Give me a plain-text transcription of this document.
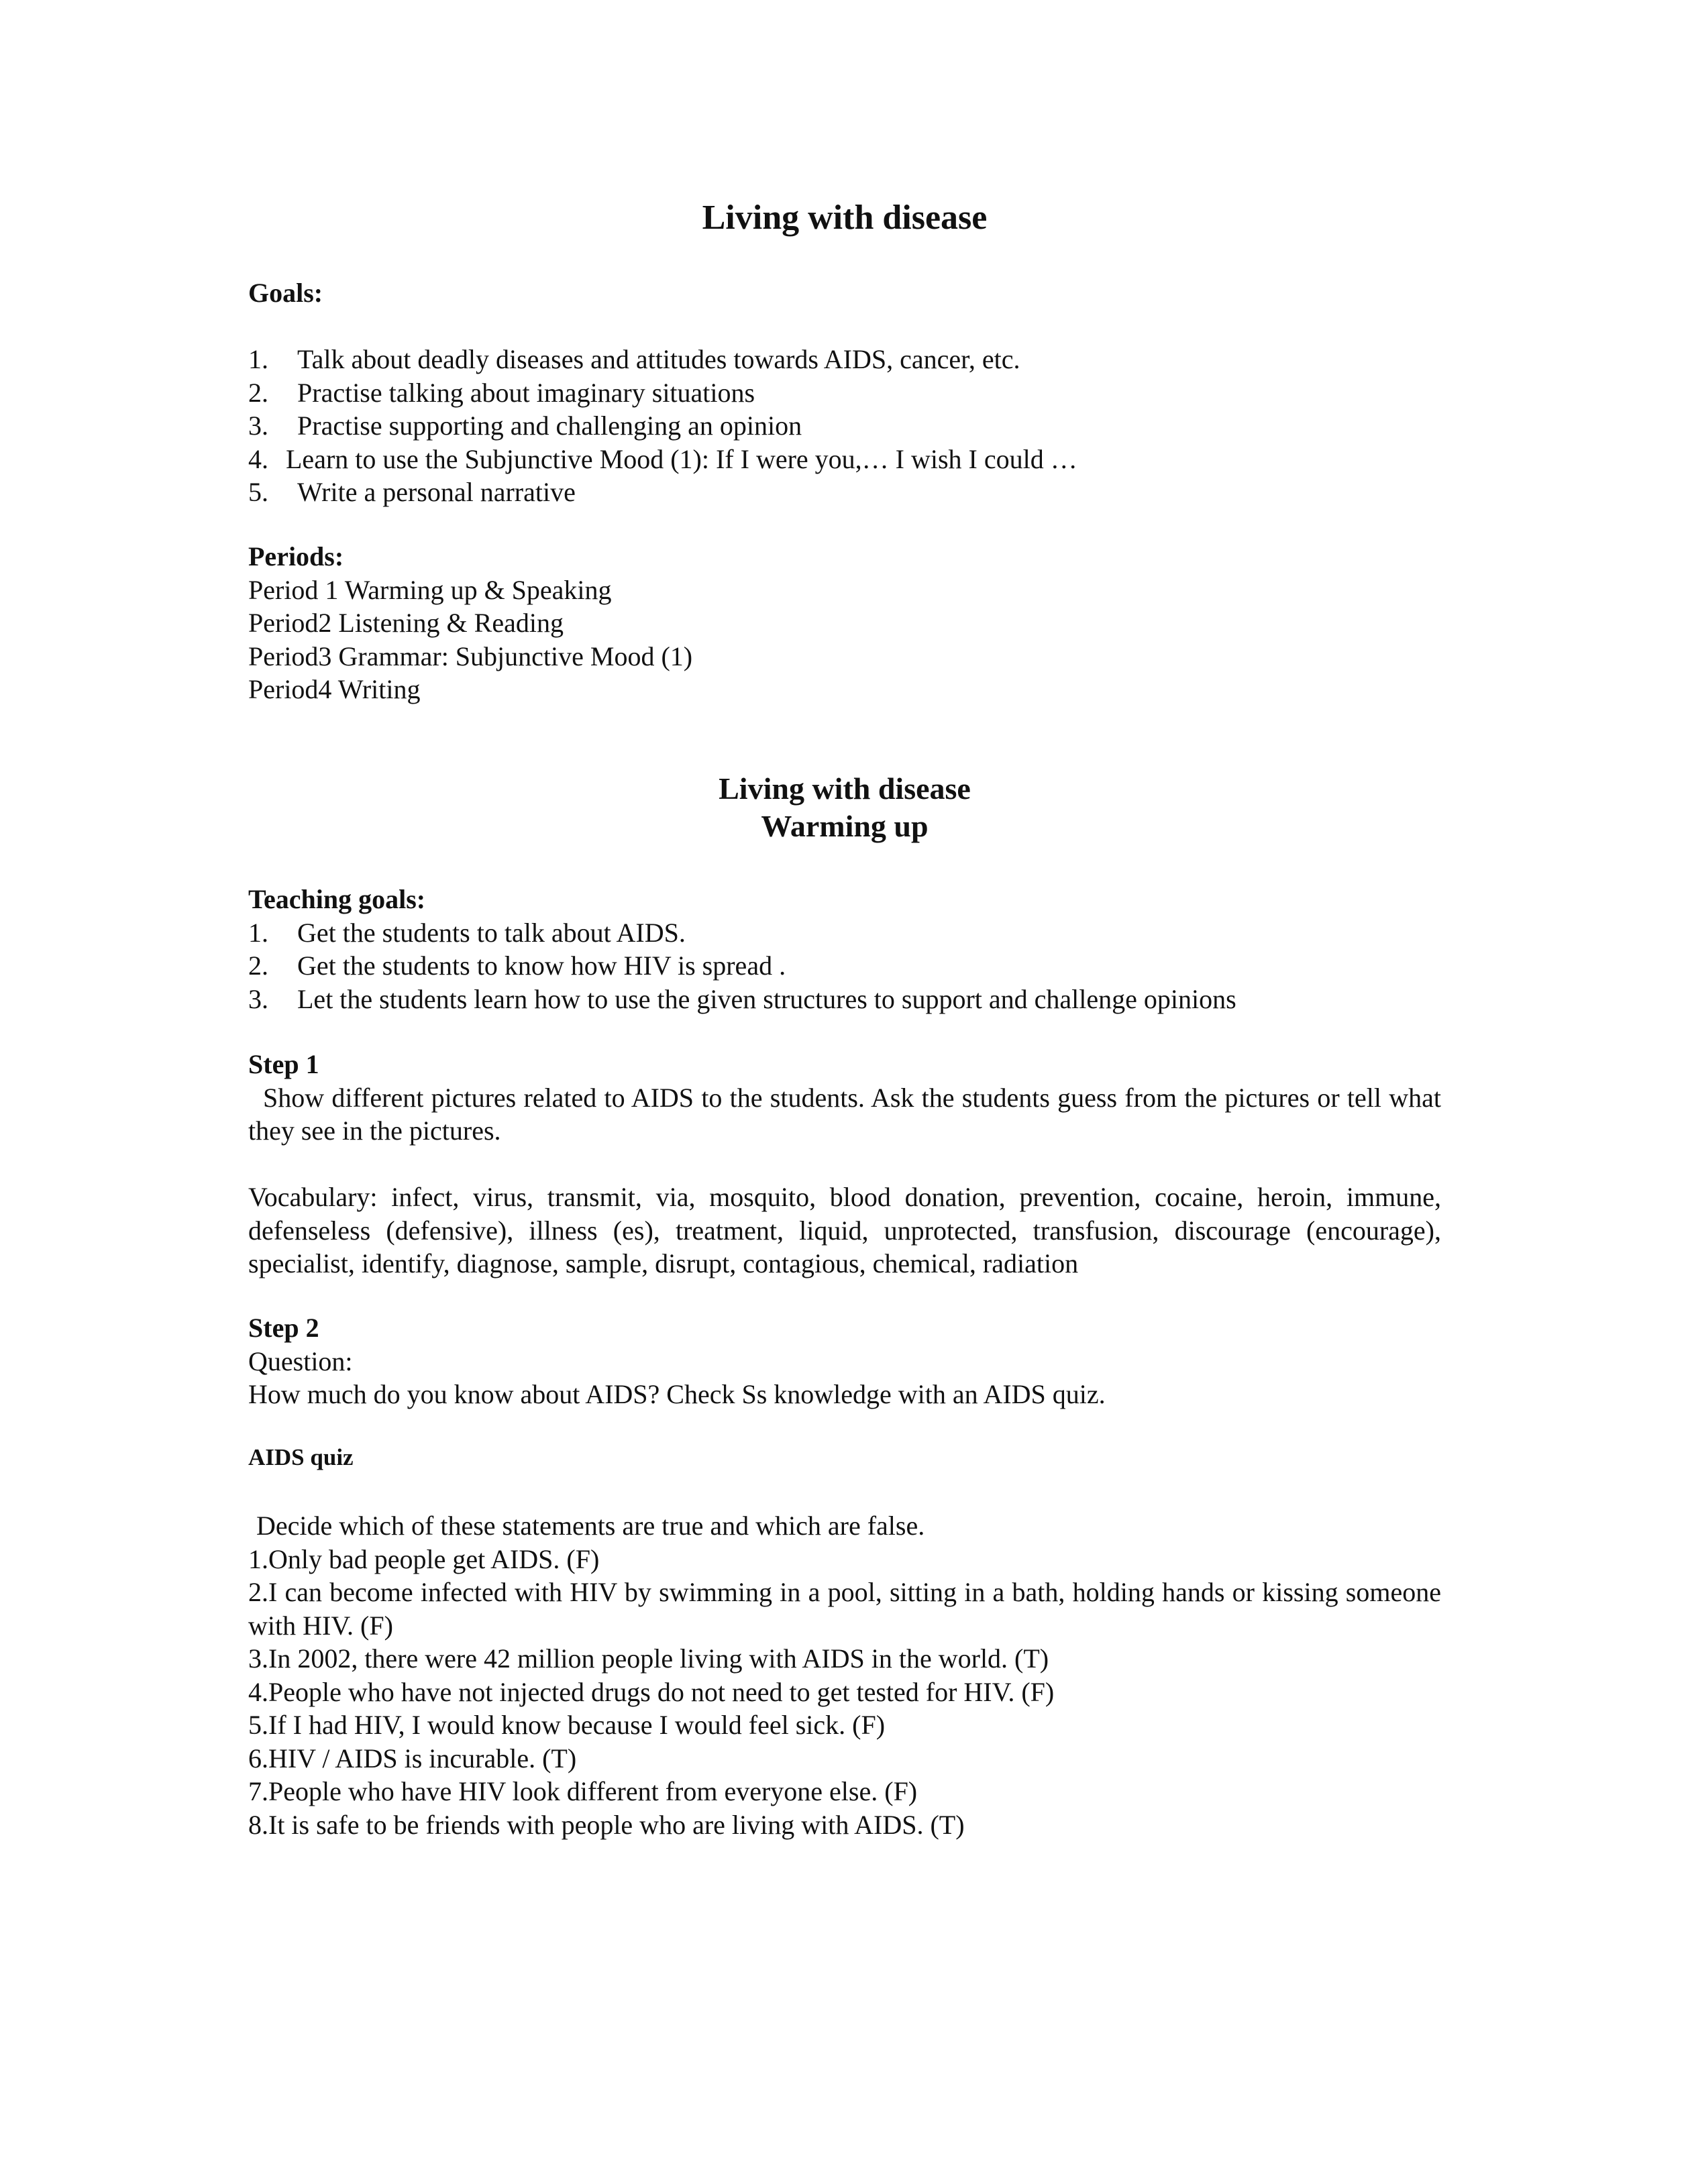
Living with disease
Goals:
1.	Talk about deadly diseases and attitudes towards AIDS, cancer, etc.
2.	Practise talking about imaginary situations
3.	Practise supporting and challenging an opinion
4. Learn to use the Subjunctive Mood (1): If I were you,… I wish I could …
5.	Write a personal narrative
Periods:
Period 1 Warming up & Speaking
Period2 Listening & Reading
Period3 Grammar: Subjunctive Mood (1)
Period4 Writing
Living with disease
Warming up
Teaching goals:
1.	Get the students to talk about AIDS.
2.	Get the students to know how HIV is spread .
3.	Let the students learn how to use the given structures to support and challenge opinions
Step 1

Show different pictures related to AIDS to the students. Ask the students guess from the pictures or tell what they see in the pictures.

Vocabulary: infect, virus, transmit, via, mosquito, blood donation, prevention, cocaine, heroin, immune, defenseless (defensive), illness (es), treatment, liquid, unprotected, transfusion, discourage (encourage), specialist, identify, diagnose, sample, disrupt, contagious, chemical, radiation

Step 2
Question:
How much do you know about AIDS? Check Ss knowledge with an AIDS quiz.
AIDS quiz

Decide which of these statements are true and which are false.

1.Only bad people get AIDS. (F)

2.I can become infected with HIV by swimming in a pool, sitting in a bath, holding hands or kissing someone with HIV. (F)

3.In 2002, there were 42 million people living with AIDS in the world. (T)

4.People who have not injected drugs do not need to get tested for HIV. (F)

5.If I had HIV, I would know because I would feel sick. (F)

6.HIV / AIDS is incurable. (T)

7.People who have HIV look different from everyone else. (F)

8.It is safe to be friends with people who are living with AIDS. (T)
